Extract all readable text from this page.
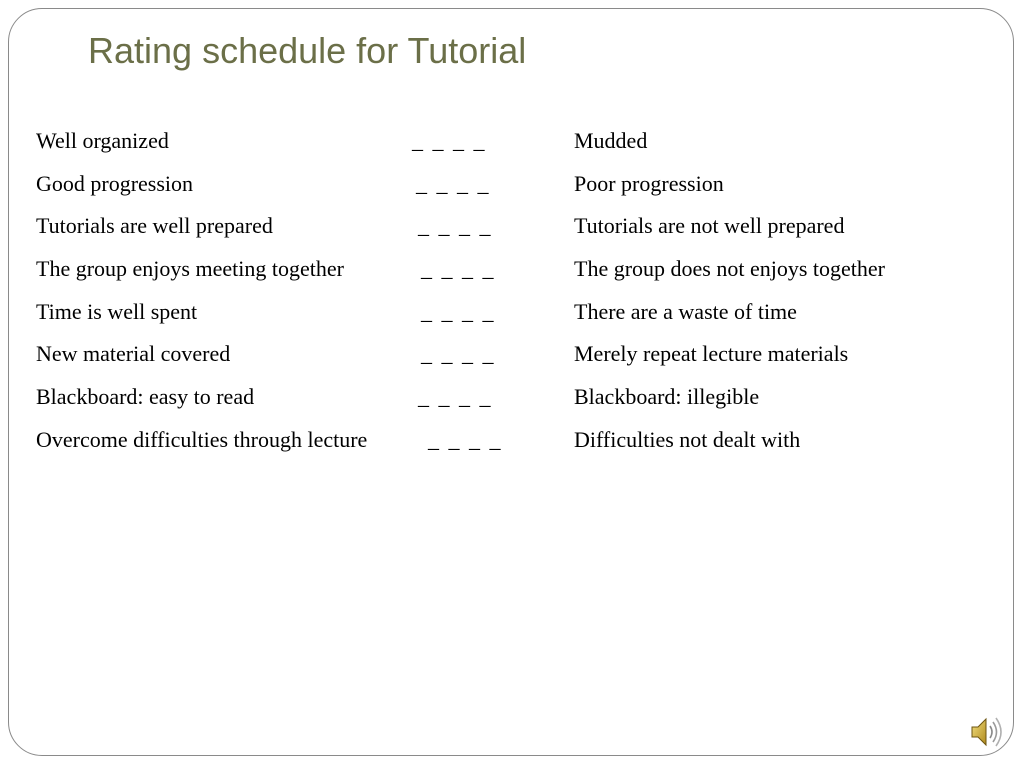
Rating schedule for Tutorial
Well organized	_ _ _ _	Mudded
Good progression	_ _ _ _	Poor progression
Tutorials are well prepared	_ _ _ _	Tutorials are not well prepared
The group enjoys meeting together	_ _ _ _	The group does not enjoys together
Time is well spent	_ _ _ _	There are a waste of time
New material covered	_ _ _ _	Merely repeat lecture materials
Blackboard: easy to read	_ _ _ _	Blackboard: illegible
Overcome difficulties through lecture	_ _ _ _	Difficulties not dealt with
